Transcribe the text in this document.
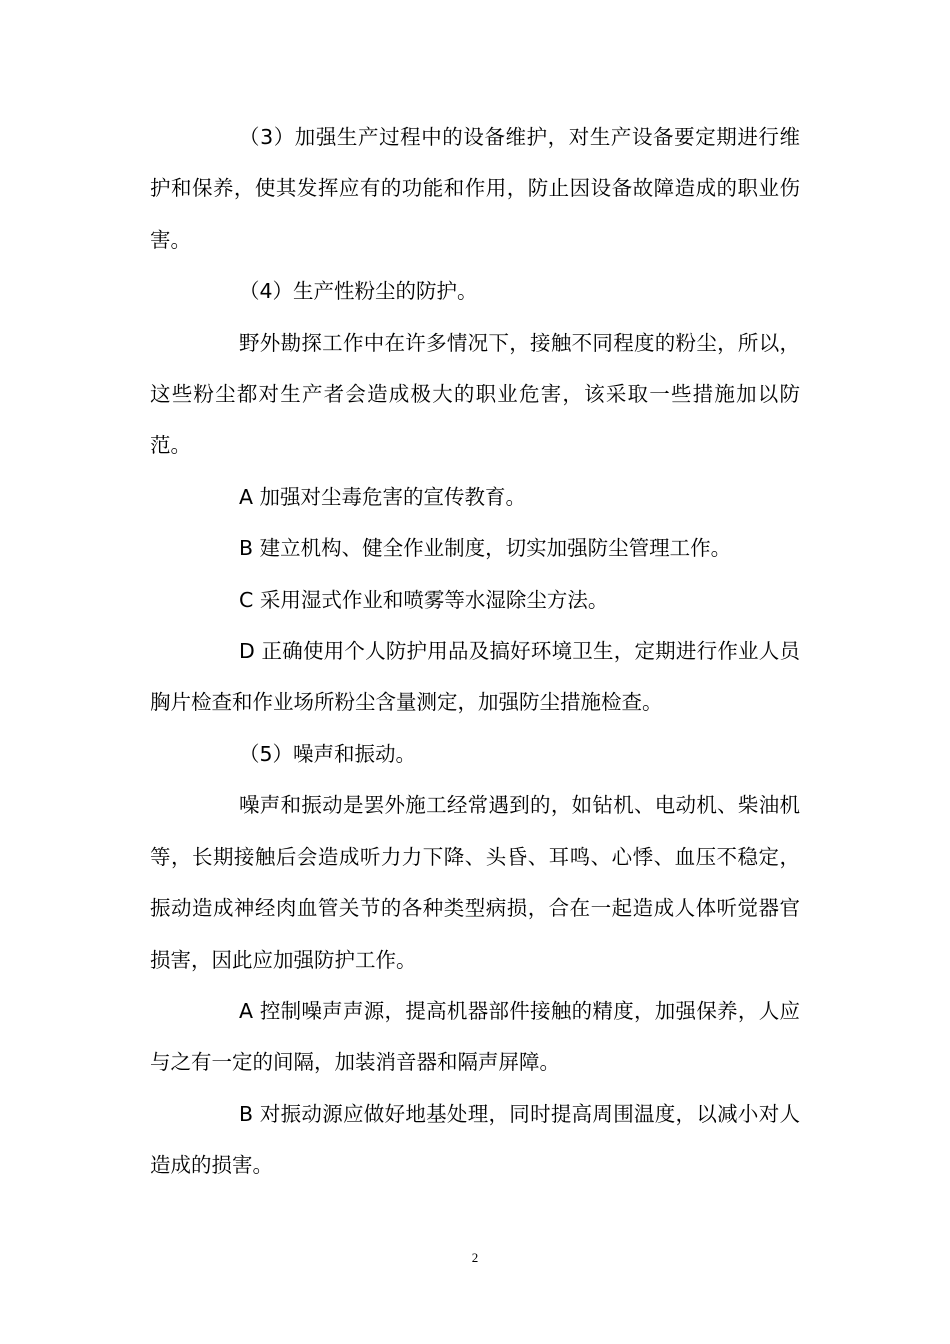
（3）加强生产过程中的设备维护，对生产设备要定期进行维护和保养，使其发挥应有的功能和作用，防止因设备故障造成的职业伤害。

（4）生产性粉尘的防护。

野外勘探工作中在许多情况下，接触不同程度的粉尘，所以，这些粉尘都对生产者会造成极大的职业危害，该采取一些措施加以防范。

A 加强对尘毒危害的宣传教育。

B 建立机构、健全作业制度，切实加强防尘管理工作。

C 采用湿式作业和喷雾等水湿除尘方法。

D 正确使用个人防护用品及搞好环境卫生，定期进行作业人员胸片检查和作业场所粉尘含量测定，加强防尘措施检查。

（5）噪声和振动。

噪声和振动是罢外施工经常遇到的，如钻机、电动机、柴油机等，长期接触后会造成听力力下降、头昏、耳鸣、心悸、血压不稳定，振动造成神经肉血管关节的各种类型病损，合在一起造成人体听觉器官损害，因此应加强防护工作。

A 控制噪声声源，提高机器部件接触的精度，加强保养，人应与之有一定的间隔，加装消音器和隔声屏障。

B 对振动源应做好地基处理，同时提高周围温度，以减小对人造成的损害。

2
